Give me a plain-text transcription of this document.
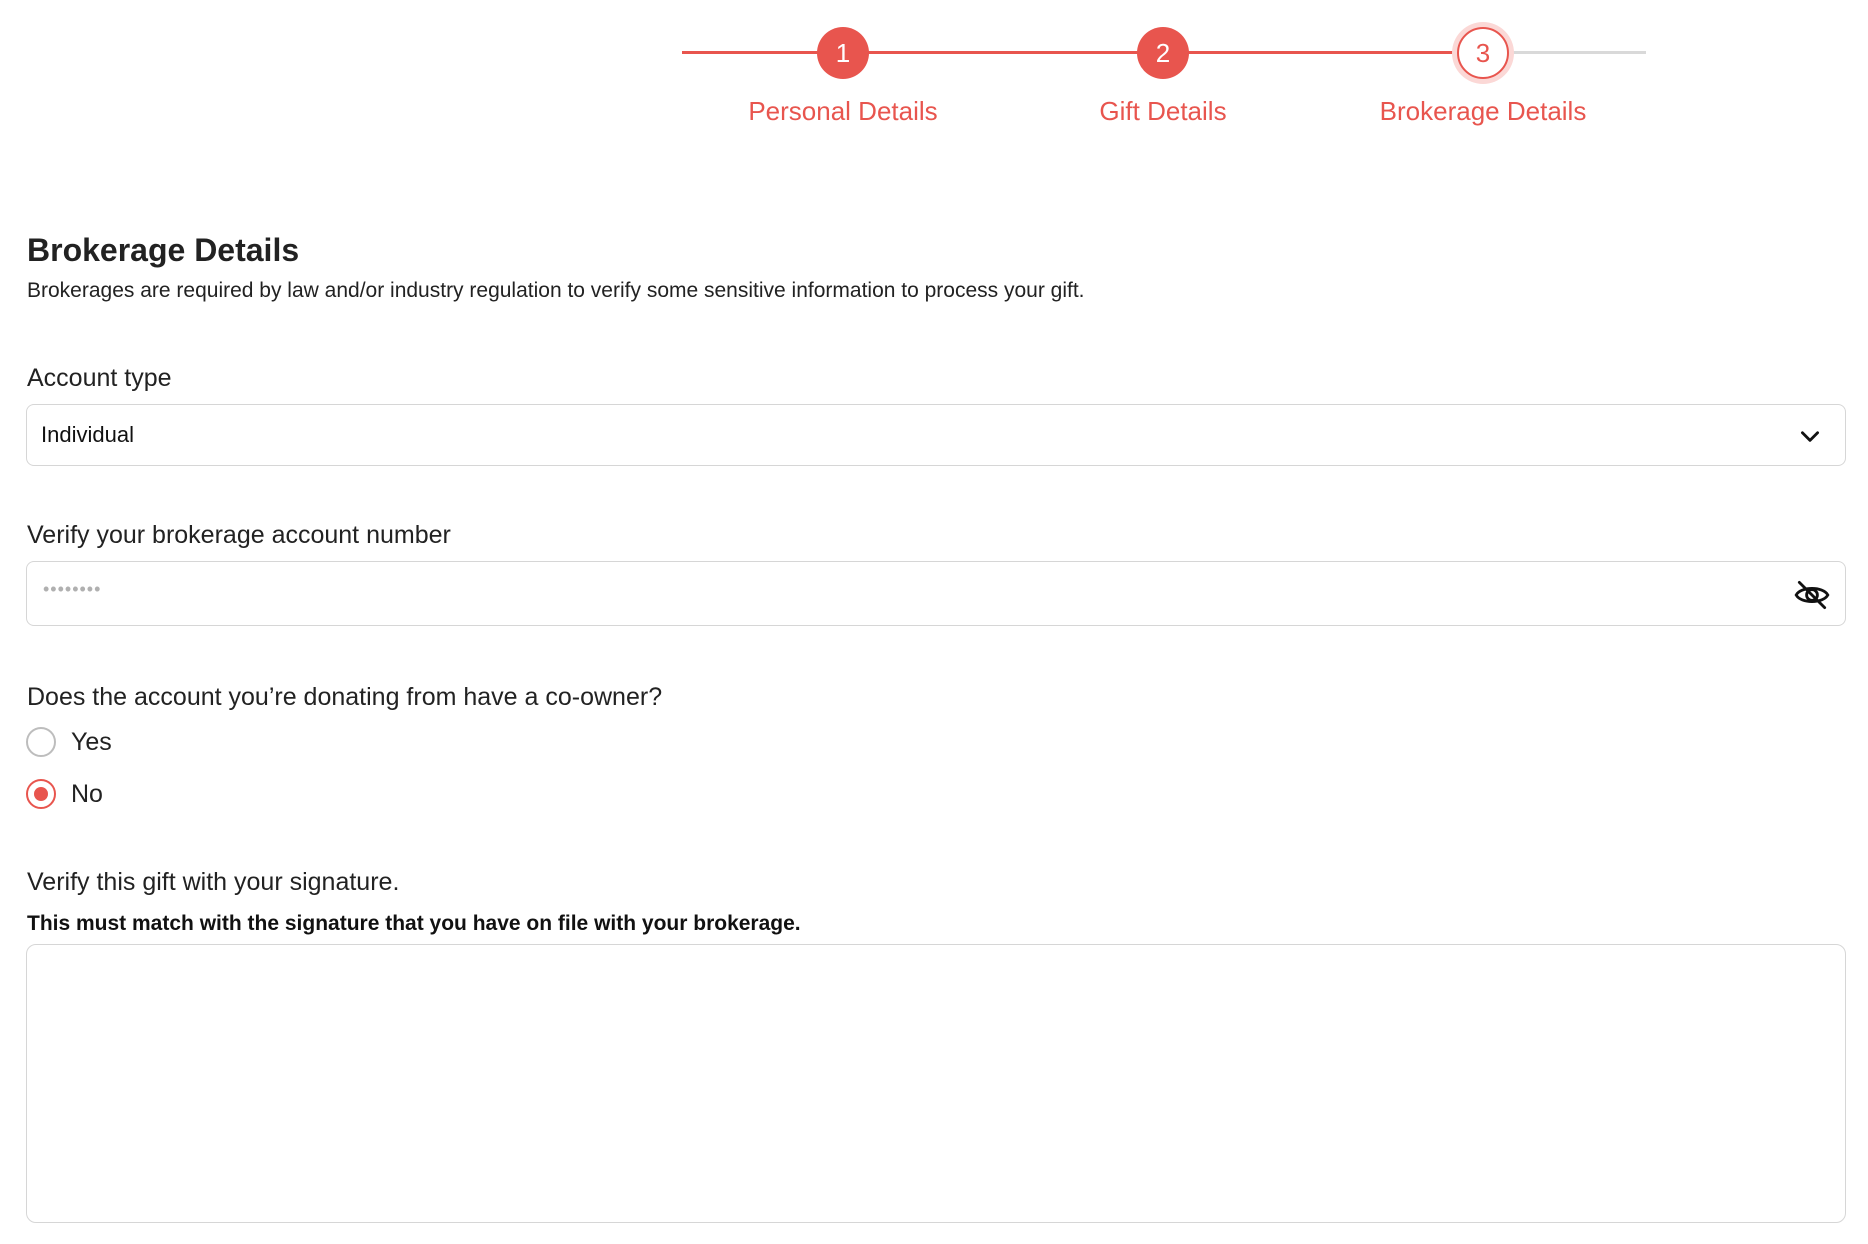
1
Personal Details
2
Gift Details
3
Brokerage Details
Brokerage Details
Brokerages are required by law and/or industry regulation to verify some sensitive information to process your gift.
Account type
Individual
Verify your brokerage account number
••••••••
Does the account you’re donating from have a co-owner?
Yes
No
Verify this gift with your signature.
This must match with the signature that you have on file with your brokerage.
